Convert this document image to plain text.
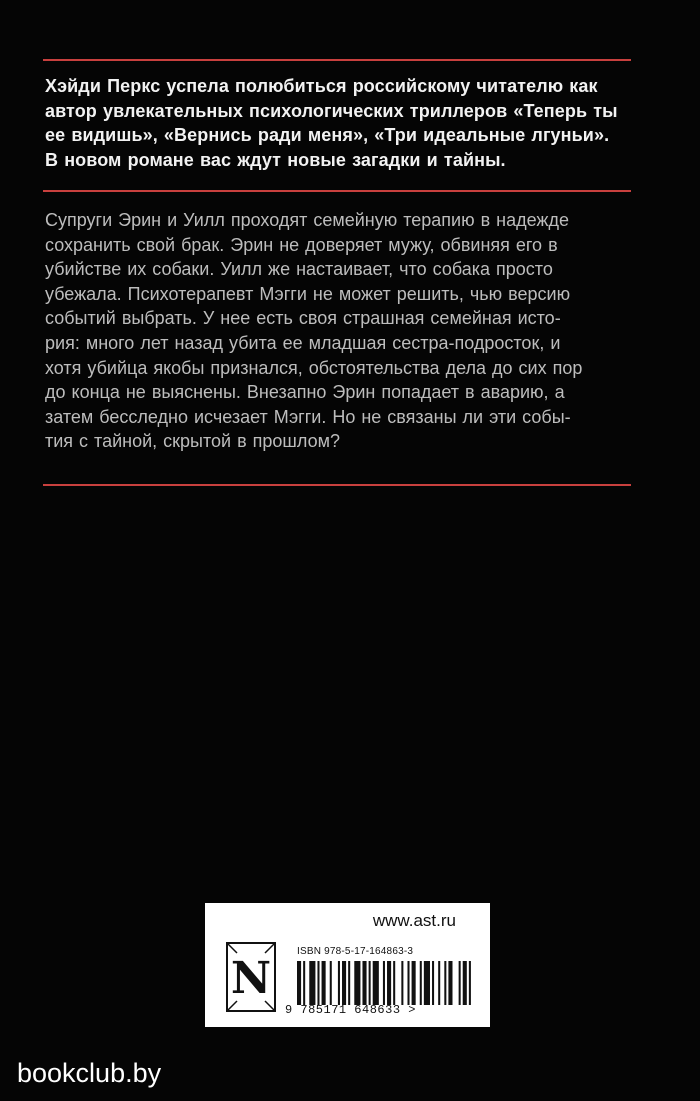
Хэйди Перкс успела полюбиться российскому читателю как
автор увлекательных психологических триллеров «Теперь ты
ее видишь», «Вернись ради меня», «Три идеальные лгуньи».
В новом романе вас ждут новые загадки и тайны.
Супруги Эрин и Уилл проходят семейную терапию в надежде
сохранить свой брак. Эрин не доверяет мужу, обвиняя его в
убийстве их собаки. Уилл же настаивает, что собака просто
убежала. Психотерапевт Мэгги не может решить, чью версию
событий выбрать. У нее есть своя страшная семейная исто-
рия: много лет назад убита ее младшая сестра-подросток, и
хотя убийца якобы признался, обстоятельства дела до сих пор
до конца не выяснены. Внезапно Эрин попадает в аварию, а
затем бесследно исчезает Мэгги. Но не связаны ли эти собы-
тия с тайной, скрытой в прошлом?
www.ast.ru
N
ISBN 978-5-17-164863-3
9 785171 648633 >
bookclub.by
